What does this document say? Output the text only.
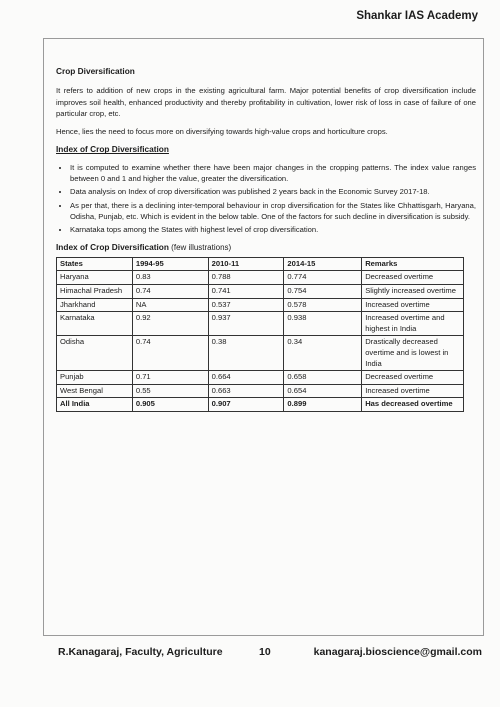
Shankar IAS Academy
Crop Diversification

It refers to addition of new crops in the existing agricultural farm. Major potential benefits of crop diversification include improves soil health, enhanced productivity and thereby profitability in cultivation, lower risk of loss in case of failure of one particular crop, etc.

Hence, lies the need to focus more on diversifying towards high-value crops and horticulture crops.

Index of Crop Diversification
• It is computed to examine whether there have been major changes in the cropping patterns. The index value ranges between 0 and 1 and higher the value, greater the diversification.
• Data analysis on Index of crop diversification was published 2 years back in the Economic Survey 2017-18.
• As per that, there is a declining inter-temporal behaviour in crop diversification for the States like Chhattisgarh, Haryana, Odisha, Punjab, etc. Which is evident in the below table. One of the factors for such decline in diversification is subsidy.
• Karnataka tops among the States with highest level of crop diversification.
Index of Crop Diversification (few illustrations)
States	1994-95	2010-11	2014-15	Remarks
Haryana	0.83	0.788	0.774	Decreased overtime
Himachal Pradesh	0.74	0.741	0.754	Slightly increased overtime
Jharkhand	NA	0.537	0.578	Increased overtime
Karnataka	0.92	0.937	0.938	Increased overtime and highest in India
Odisha	0.74	0.38	0.34	Drastically decreased overtime and is lowest in India
Punjab	0.71	0.664	0.658	Decreased overtime
West Bengal	0.55	0.663	0.654	Increased overtime
All India	0.905	0.907	0.899	Has decreased overtime
R.Kanagaraj, Faculty, Agriculture	10	kanagaraj.bioscience@gmail.com
